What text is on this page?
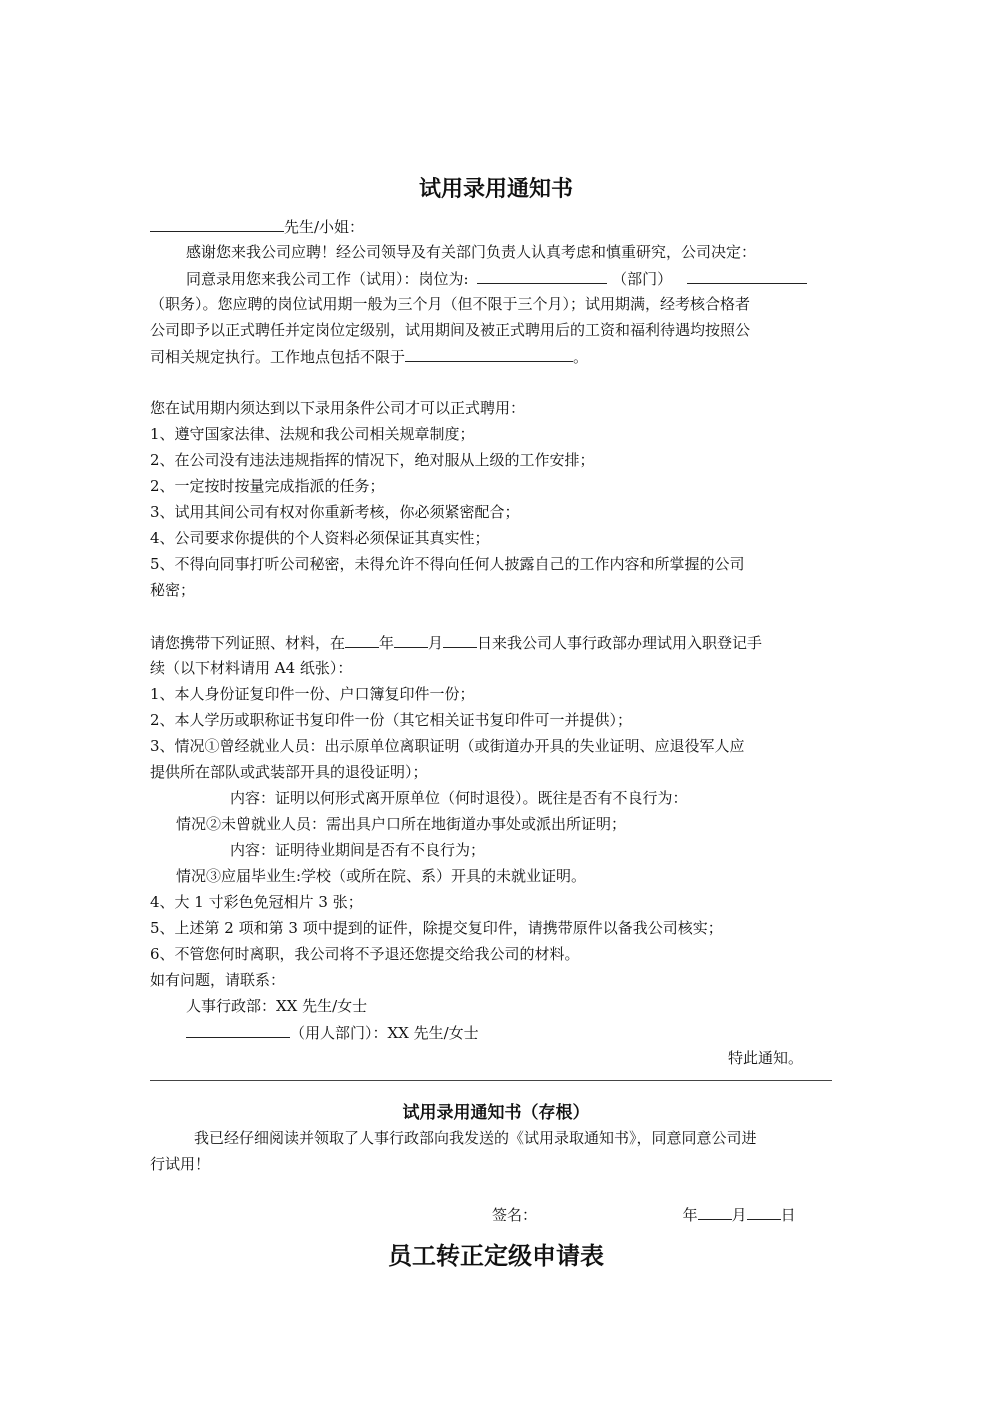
试用录用通知书
先生/小姐：
感谢您来我公司应聘！经公司领导及有关部门负责人认真考虑和慎重研究，公司决定：
同意录用您来我公司工作（试用）：岗位为:	（部门）
（职务）。您应聘的岗位试用期一般为三个月（但不限于三个月）；试用期满，经考核合格者
公司即予以正式聘任并定岗位定级别，试用期间及被正式聘用后的工资和福利待遇均按照公
司相关规定执行。工作地点包括不限于	。
您在试用期内须达到以下录用条件公司才可以正式聘用：
1、遵守国家法律、法规和我公司相关规章制度；
2、在公司没有违法违规指挥的情况下，绝对服从上级的工作安排；
2、一定按时按量完成指派的任务；
3、试用其间公司有权对你重新考核，你必须紧密配合；
4、公司要求你提供的个人资料必须保证其真实性；
5、不得向同事打听公司秘密，未得允许不得向任何人披露自己的工作内容和所掌握的公司
秘密；
请您携带下列证照、材料，在 年 月 日来我公司人事行政部办理试用入职登记手
续（以下材料请用 A4 纸张）：
1、本人身份证复印件一份、户口簿复印件一份；
2、本人学历或职称证书复印件一份（其它相关证书复印件可一并提供）；
3、情况①曾经就业人员：出示原单位离职证明（或街道办开具的失业证明、应退役军人应
提供所在部队或武装部开具的退役证明）；
内容：证明以何形式离开原单位（何时退役）。既往是否有不良行为：
情况②未曾就业人员：需出具户口所在地街道办事处或派出所证明；
内容：证明待业期间是否有不良行为；
情况③应届毕业生:学校（或所在院、系）开具的未就业证明。
4、大 1 寸彩色免冠相片 3 张；
5、上述第 2 项和第 3 项中提到的证件，除提交复印件，请携带原件以备我公司核实；
6、不管您何时离职，我公司将不予退还您提交给我公司的材料。
如有问题，请联系：
人事行政部：XX 先生/女士
（用人部门）：XX 先生/女士
特此通知。
试用录用通知书（存根）
我已经仔细阅读并领取了人事行政部向我发送的《试用录取通知书》，同意同意公司进
行试用！
签名：	年 月 日
员工转正定级申请表
